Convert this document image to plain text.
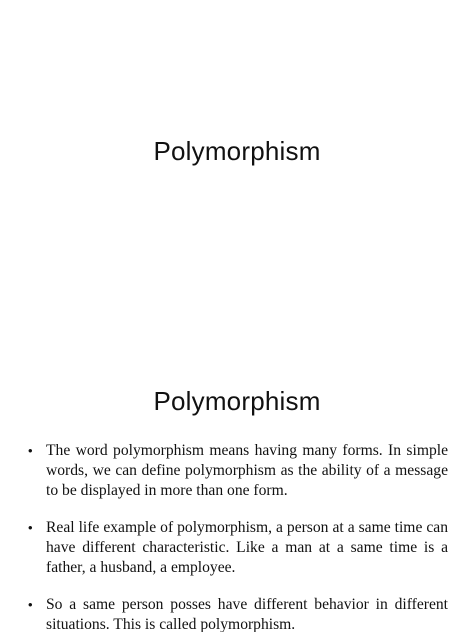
Polymorphism
Polymorphism
• The word polymorphism means having many forms. In simple words, we can define polymorphism as the ability of a message to be displayed in more than one form.
• Real life example of polymorphism, a person at a same time can have different characteristic. Like a man at a same time is a father, a husband, a employee.
• So a same person posses have different behavior in different situations. This is called polymorphism.
